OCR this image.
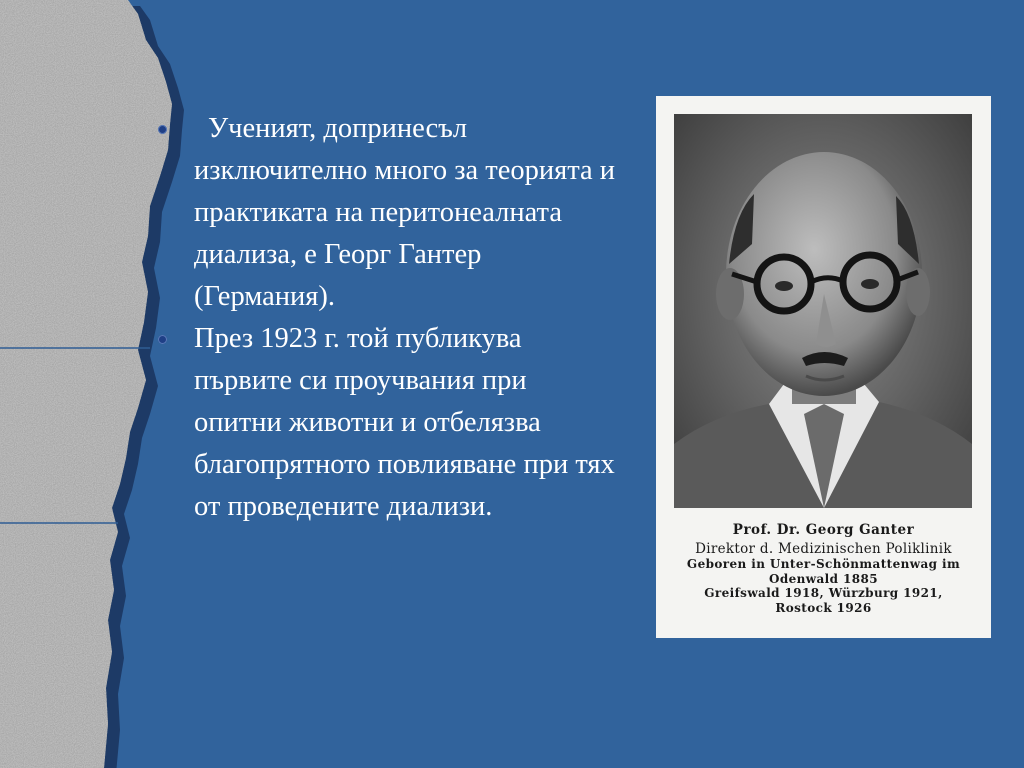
Ученият, допринесъл изключително много за теорията и практиката на перитонеалната диализа, е Георг Гантер (Германия).
През 1923 г. той публикува първите си проучвания при опитни животни и отбелязва благопрятното повлияване при тях от проведените диализи.
Prof. Dr. Georg Ganter
Direktor d. Medizinischen Poliklinik
Geboren in Unter-Schönmattenwag im
Odenwald 1885
Greifswald 1918, Würzburg 1921,
Rostock 1926
